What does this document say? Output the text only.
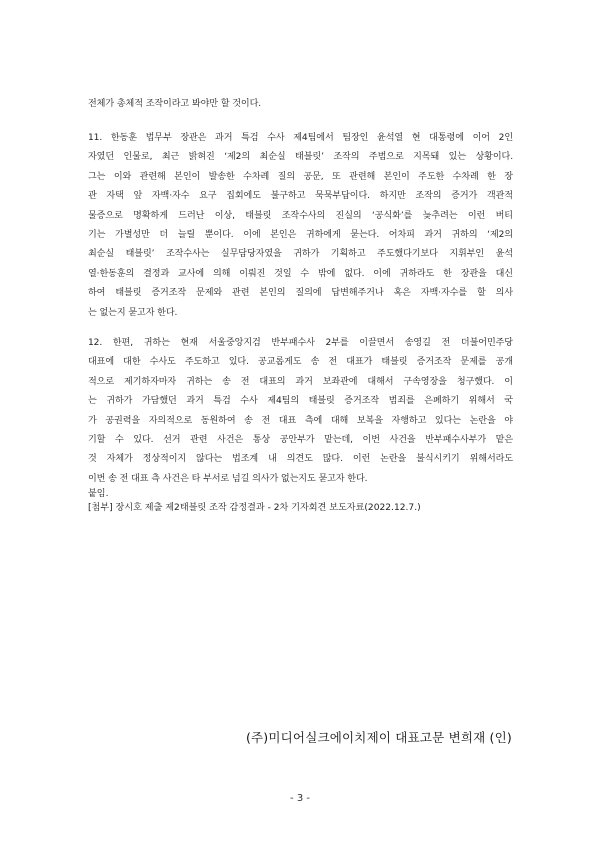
전체가 총체적 조작이라고 봐야만 할 것이다.
11. 한동훈 법무부 장관은 과거 특검 수사 제4팀에서 팀장인 윤석열 현 대통령에 이어 2인
자였던 인물로, 최근 밝혀진 ‘제2의 최순실 태블릿’ 조작의 주범으로 지목돼 있는 상황이다.
그는 이와 관련해 본인이 발송한 수차례 질의 공문, 또 관련해 본인이 주도한 수차례 한 장
관 자택 앞 자백·자수 요구 집회에도 불구하고 묵묵부답이다. 하지만 조작의 증거가 객관적
물증으로 명확하게 드러난 이상, 태블릿 조작수사의 진실의 ‘공식화’를 늦추려는 이런 버티
기는 가별성만 더 늘릴 뿐이다. 이에 본인은 귀하에게 묻는다. 어차피 과거 귀하의 ‘제2의
최순실 태블릿’ 조작수사는 실무담당자였을 귀하가 기획하고 주도했다기보다 지휘부인 윤석
열·한동훈의 결정과 교사에 의해 이뤄진 것일 수 밖에 없다. 이에 귀하라도 한 장관을 대신
하여 태블릿 증거조작 문제와 관련 본인의 질의에 답변해주거나 혹은 자백·자수를 할 의사
는 없는지 묻고자 한다.
12. 한편, 귀하는 현재 서울중앙지검 반부패수사 2부를 이끌면서 송영길 전 더불어민주당
대표에 대한 수사도 주도하고 있다. 공교롭게도 송 전 대표가 태블릿 증거조작 문제를 공개
적으로 제기하자마자 귀하는 송 전 대표의 과거 보좌관에 대해서 구속영장을 청구했다. 이
는 귀하가 가담했던 과거 특검 수사 제4팀의 태블릿 증거조작 범죄를 은폐하기 위해서 국
가 공권력을 자의적으로 동원하여 송 전 대표 측에 대해 보복을 자행하고 있다는 논란을 야
기할 수 있다. 선거 관련 사건은 통상 공안부가 맡는데, 이번 사건을 반부패수사부가 맡은
것 자체가 정상적이지 않다는 법조계 내 의견도 많다. 이런 논란을 불식시키기 위해서라도
이번 송 전 대표 측 사건은 타 부서로 넘길 의사가 없는지도 묻고자 한다.
붙임.
[첨부] 장시호 제출 제2태블릿 조작 감정결과 - 2차 기자회견 보도자료(2022.12.7.)
(주)미디어실크에이치제이 대표고문 변희재 (인)
- 3 -
